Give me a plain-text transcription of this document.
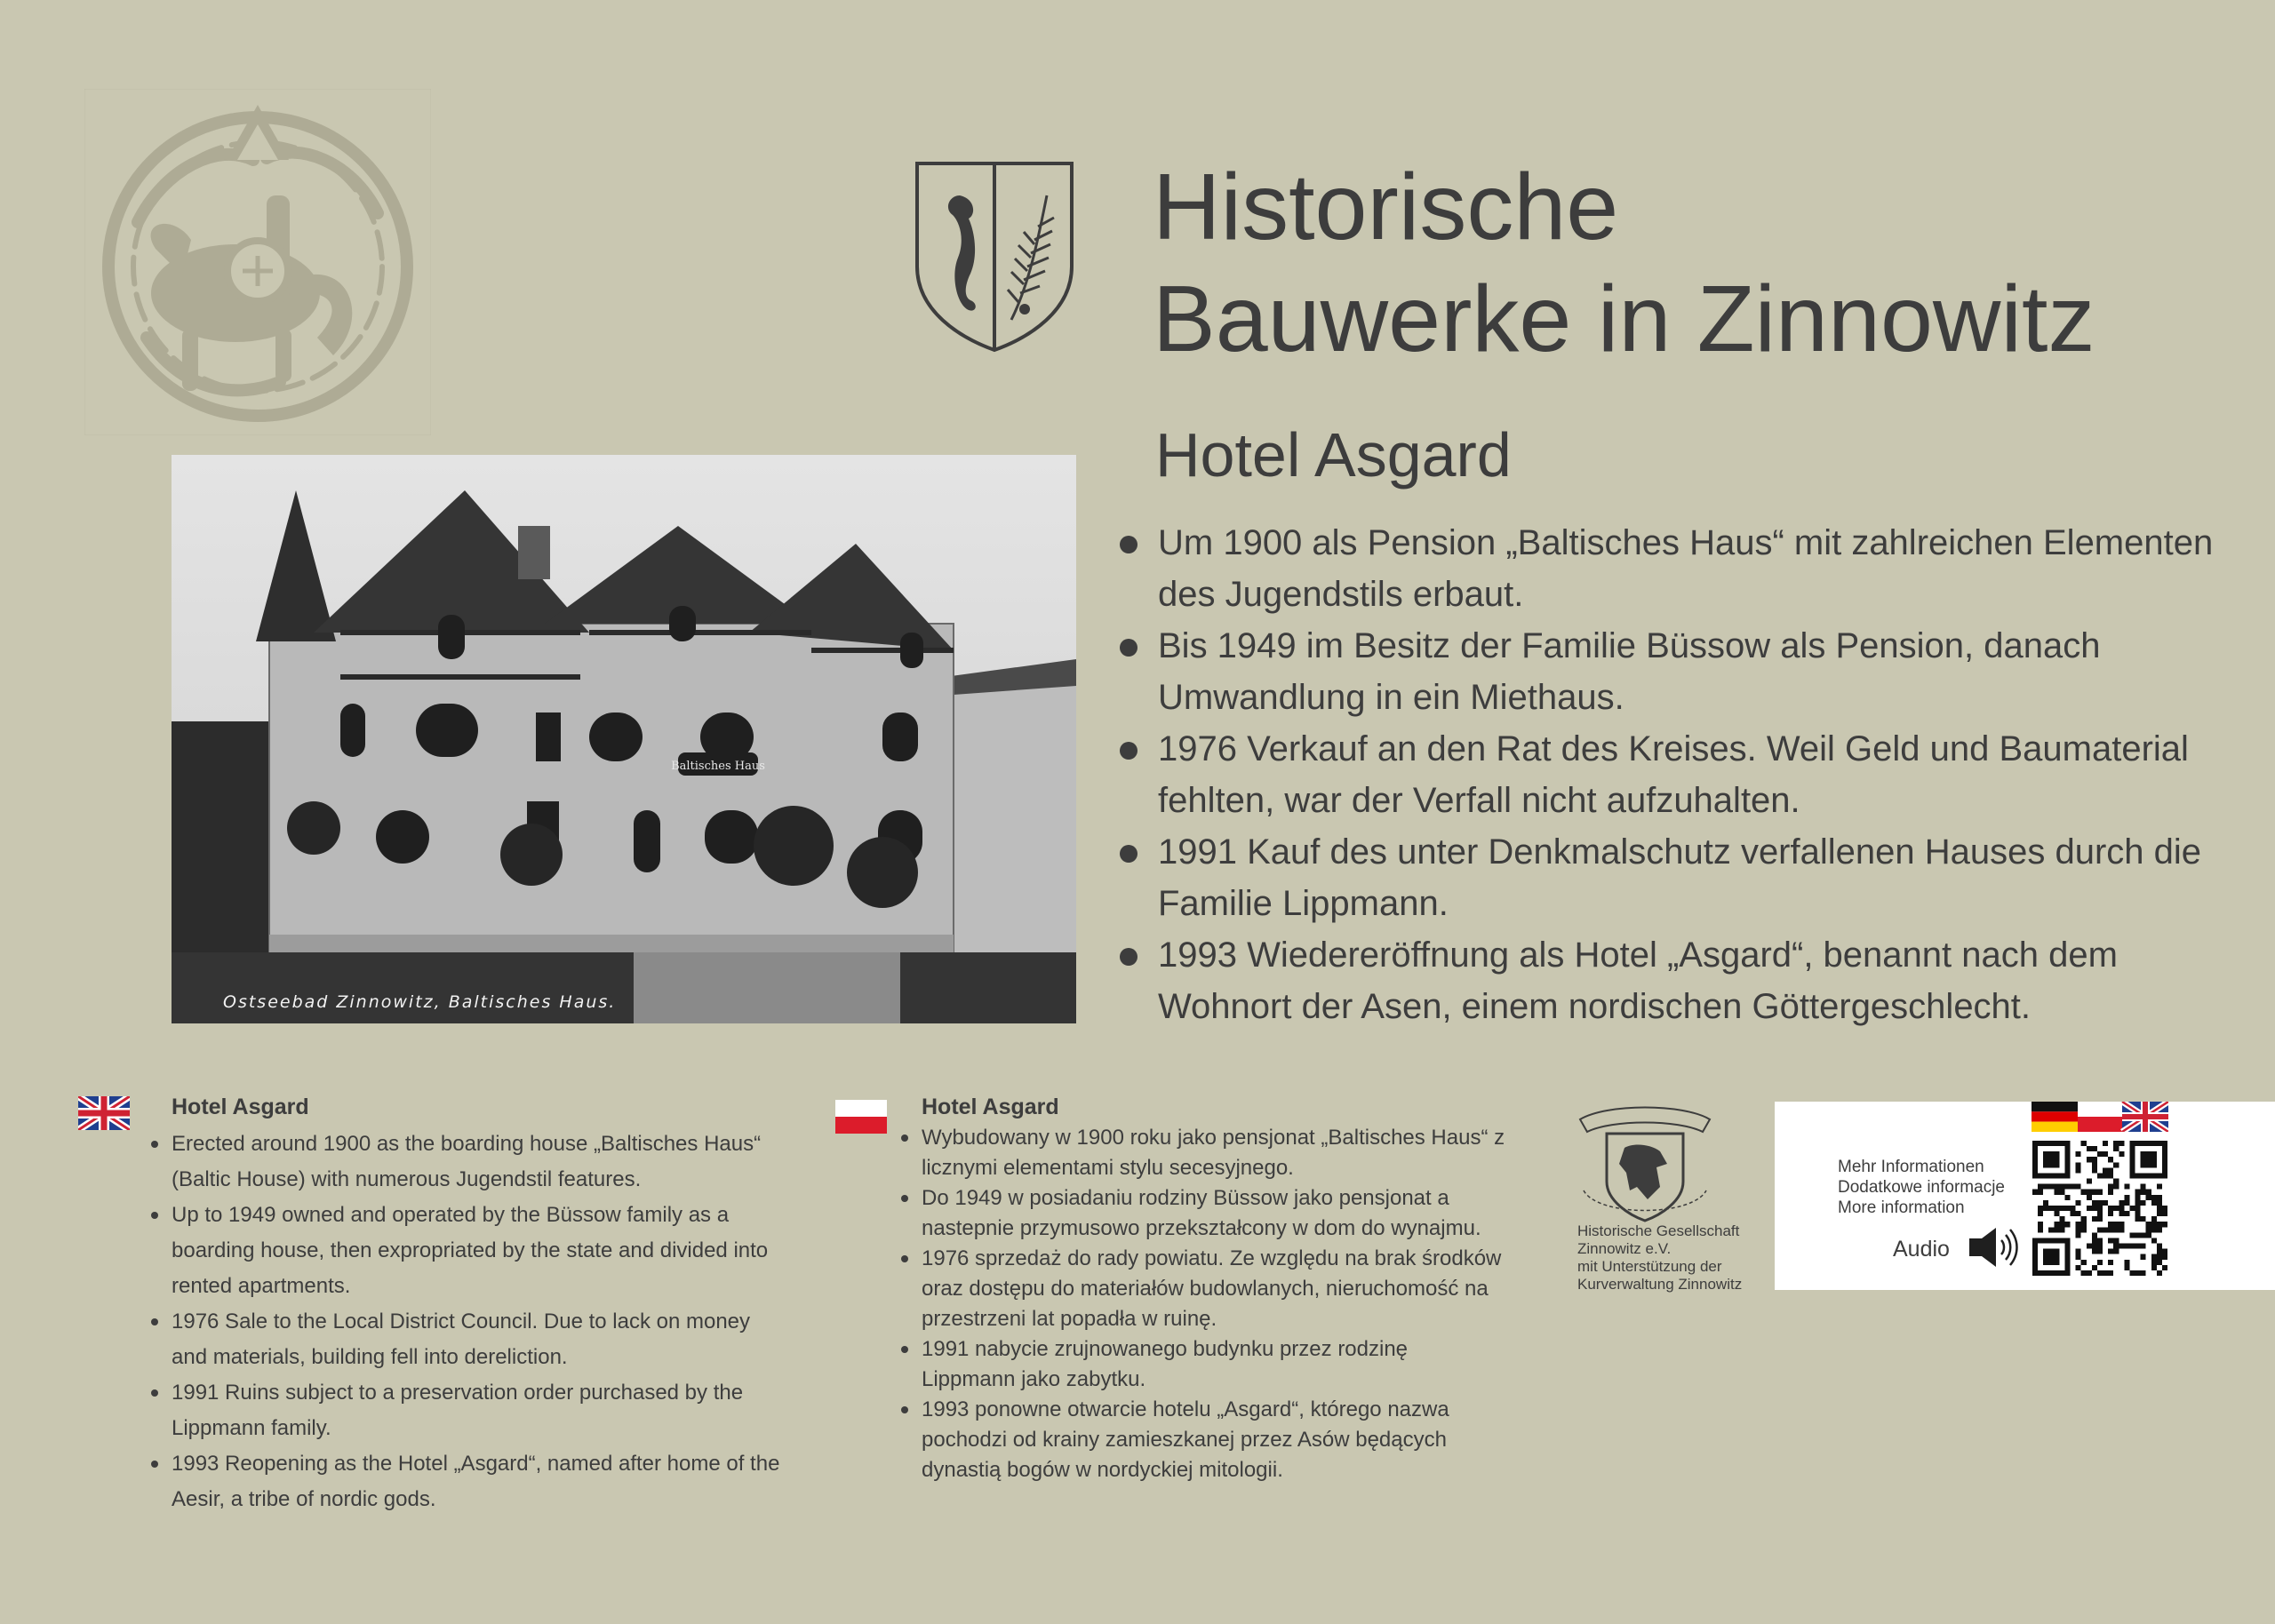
Historische
Bauwerke in Zinnowitz
Hotel Asgard
Um 1900 als Pension „Baltisches Haus“ mit zahlreichen Elementen des Jugendstils erbaut.
Bis 1949 im Besitz der Familie Büssow als Pension, danach Umwandlung in ein Miethaus.
1976 Verkauf an den Rat des Kreises. Weil Geld und Baumaterial fehlten, war der Verfall nicht aufzuhalten.
1991 Kauf des unter Denkmalschutz verfallenen Hauses durch die Familie Lippmann.
1993 Wiedereröffnung als Hotel „Asgard“, benannt nach dem Wohnort der Asen, einem nordischen Göttergeschlecht.
Baltisches Haus
Ostseebad Zinnowitz, Baltisches Haus.
Hotel Asgard
Erected around 1900 as the boarding house „Baltisches Haus“ (Baltic House) with numerous Jugendstil features.
Up to 1949 owned and operated by the Büssow family as a boarding house, then expropriated by the state and divided into rented apartments.
1976 Sale to the Local District Council. Due to lack on money and materials, building fell into dereliction.
1991 Ruins subject to a preservation order purchased by the Lippmann family.
1993 Reopening as the Hotel „Asgard“, named after home of the Aesir, a tribe of nordic gods.
Hotel Asgard
Wybudowany w 1900 roku jako pensjonat „Baltisches Haus“ z licznymi elementami stylu secesyjnego.
Do 1949 w posiadaniu rodziny Büssow jako pensjonat a nastepnie przymusowo przekształcony w dom do wynajmu.
1976 sprzedaż do rady powiatu. Ze względu na brak środków oraz dostępu do materiałów budowlanych, nieruchomość na przestrzeni lat popadła w ruinę.
1991 nabycie zrujnowanego budynku przez rodzinę Lippmann jako zabytku.
1993 ponowne otwarcie hotelu „Asgard“, którego nazwa pochodzi od krainy zamieszkanej przez Asów będących dynastią bogów w nordyckiej mitologii.
Historische Gesellschaft
Zinnowitz e.V.
mit Unterstützung der
Kurverwaltung Zinnowitz
Mehr Informationen
Dodatkowe informacje
More information
Audio
